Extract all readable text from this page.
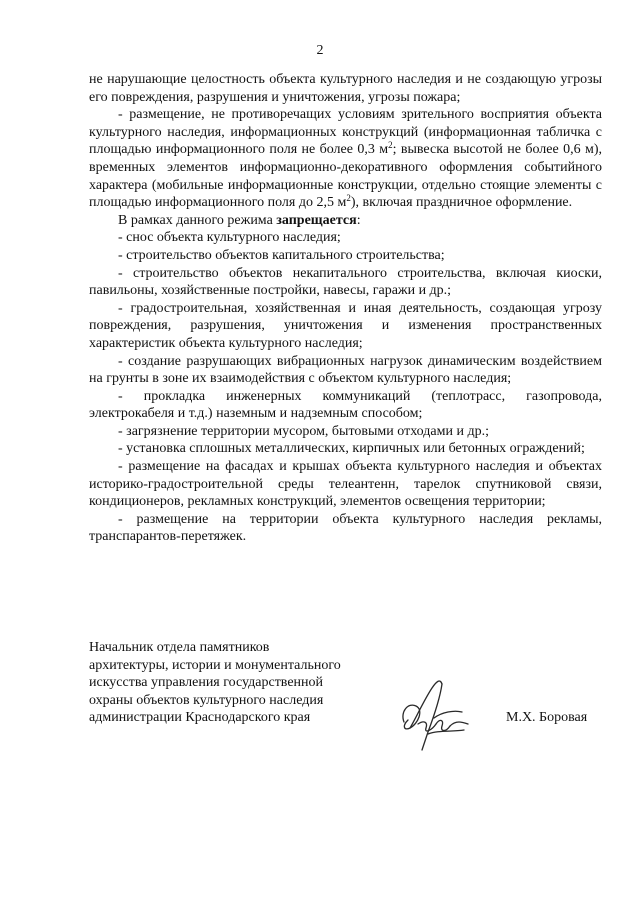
2

не нарушающие целостность объекта культурного наследия и не создающую угрозы его повреждения, разрушения и уничтожения, угрозы пожара;

- размещение, не противоречащих условиям зрительного восприятия объекта культурного наследия, информационных конструкций (информационная табличка с площадью информационного поля не более 0,3 $м^2$; вывеска высотой не более 0,6 м), временных элементов информационно-декоративного оформления событийного характера (мобильные информационные конструкции, отдельно стоящие элементы с площадью информационного поля до 2,5 $м^2$), включая праздничное оформление.

В рамках данного режима запрещается:

- снос объекта культурного наследия;

- строительство объектов капитального строительства;

- строительство объектов некапитального строительства, включая киоски, павильоны, хозяйственные постройки, навесы, гаражи и др.;

- градостроительная, хозяйственная и иная деятельность, создающая угрозу повреждения, разрушения, уничтожения и изменения пространственных характеристик объекта культурного наследия;

- создание разрушающих вибрационных нагрузок динамическим воздействием на грунты в зоне их взаимодействия с объектом культурного наследия;

- прокладка инженерных коммуникаций (теплотрасс, газопровода, электрокабеля и т.д.) наземным и надземным способом;

- загрязнение территории мусором, бытовыми отходами и др.;

- установка сплошных металлических, кирпичных или бетонных ограждений;

- размещение на фасадах и крышах объекта культурного наследия и объектах историко-градостроительной среды телеантенн, тарелок спутниковой связи, кондиционеров, рекламных конструкций, элементов освещения территории;

- размещение на территории объекта культурного наследия рекламы, транспарантов-перетяжек.

Начальник отдела памятников
архитектуры, истории и монументального
искусства управления государственной
охраны объектов культурного наследия
администрации Краснодарского края	М.Х. Боровая
